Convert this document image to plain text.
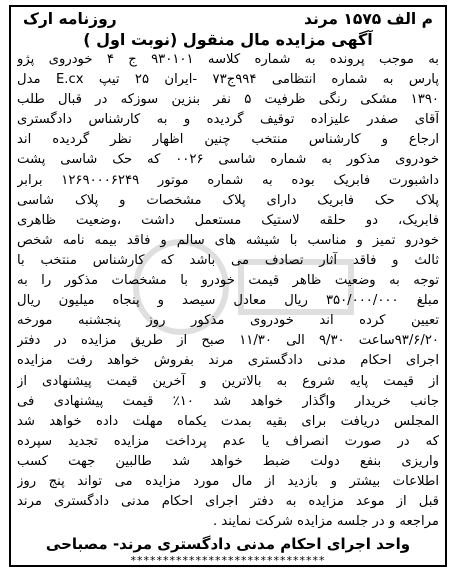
م الف ۱۵۷۵ مرند
روزنامه ارک
آگهی مزایده مال منقول (نوبت اول )
به موجب پرونده به شماره کلاسه ۹۳۰۱۰۱ ج ۴ خودروی پژو
پارس به شماره انتظامی ۹۹۴ج۷۳ -ایران ۲۵ تیپ E.cx مدل
۱۳۹۰ مشکی رنگی ظرفیت ۵ نفر بنزین سوزکه در قبال طلب
آقای صفدر علیزاده توقیف گردیده و به کارشناس دادگستری
ارجاع و کارشناس منتخب چنین اظهار نظر گردیده اند
خودروی مذکور به شماره شاسی ۰۰۲۶ که حک شاسی پشت
داشبورت فابریک بوده به شماره موتور ۱۲۶۹۰۰۰۶۲۴۹ برابر
پلاک حک فابریک دارای پلاک مشخصات و پلاک شاسی
فابریک، دو حلقه لاستیک مستعمل داشت ،وضعیت ظاهری
خودرو تمیز و مناسب با شیشه های سالم و فاقد بیمه نامه شخص
ثالث و فاقد آثار تصادف می باشد که کارشناس منتخب با
توجه به وضعیت ظاهر قیمت خودرو با مشخصات مذکور را به
مبلغ ۳۵۰/۰۰۰/۰۰۰ ریال معادل سیصد و پنجاه میلیون ریال
تعیین کرده اند خودروی مذکور روز پنجشنبه مورخه
۹۳/۶/۲۰ساعت ۹/۳۰ الی ۱۱/۳۰ صبح از طریق مزایده در دفتر
اجرای احکام مدنی دادگستری مرند بفروش خواهد رفت مزایده
از قیمت پایه شروع به بالاترین و آخرین قیمت پیشنهادی از
جانب خریدار واگذار خواهد شد ۱۰٪ قیمت پیشنهادی فی
المجلس دریافت برای بقیه بمدت یکماه مهلت داده خواهد شد
که در صورت انصراف یا عدم پرداخت مزایده تجدید سپرده
واریزی بنفع دولت ضبط خواهد شد طالبین جهت کسب
اطلاعات بیشتر و بازدید از مال مورد مزایده می تواند پنج روز
قبل از موعد مزایده به دفتر اجرای احکام مدنی دادگستری مرند
مراجعه و در جلسه مزایده شرکت نمایند .
واحد اجرای احکام مدنی دادگستری مرند- مصباحی
******************************
